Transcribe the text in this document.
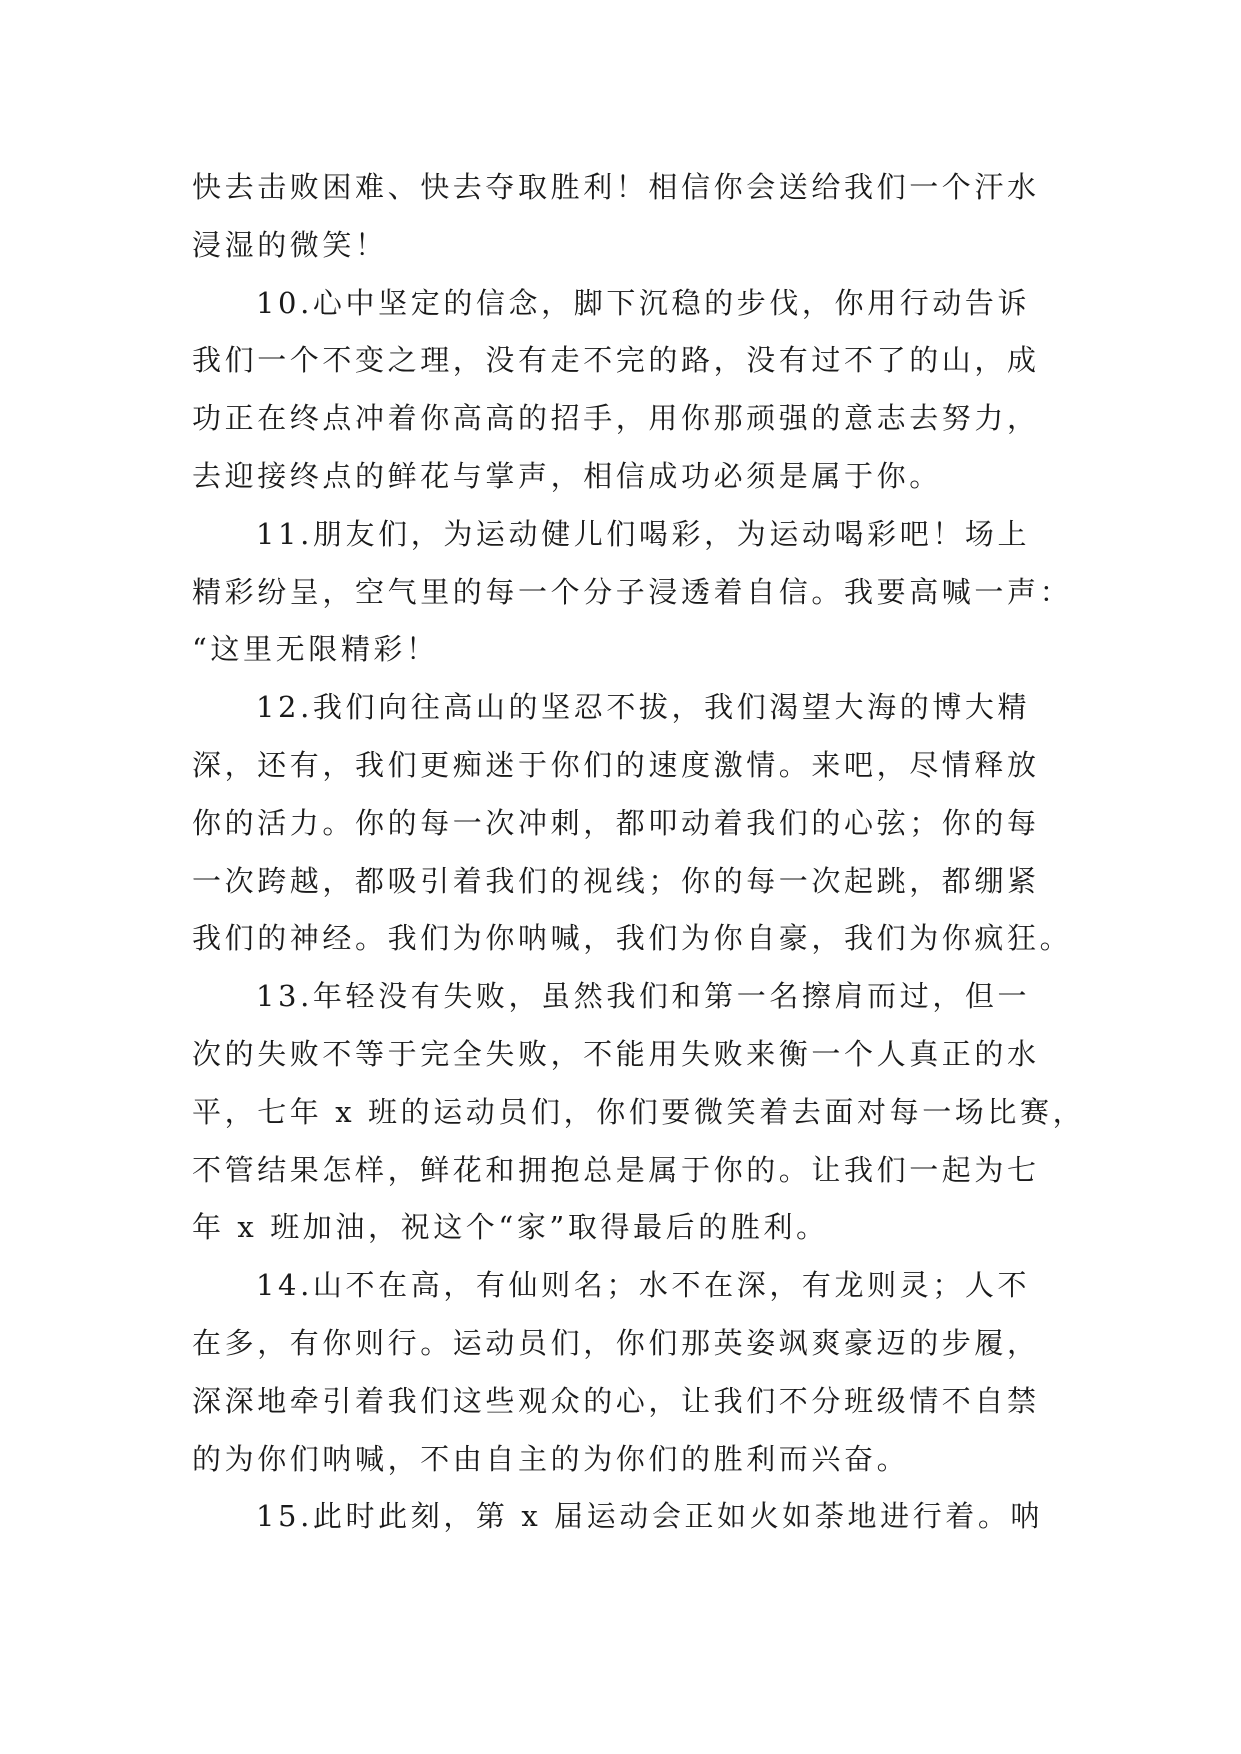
快去击败困难、快去夺取胜利！相信你会送给我们一个汗水
浸湿的微笑！
10.心中坚定的信念，脚下沉稳的步伐，你用行动告诉
我们一个不变之理，没有走不完的路，没有过不了的山，成
功正在终点冲着你高高的招手，用你那顽强的意志去努力，
去迎接终点的鲜花与掌声，相信成功必须是属于你。
11.朋友们，为运动健儿们喝彩，为运动喝彩吧！场上
精彩纷呈，空气里的每一个分子浸透着自信。我要高喊一声：
“这里无限精彩！
12.我们向往高山的坚忍不拔，我们渴望大海的博大精
深，还有，我们更痴迷于你们的速度激情。来吧，尽情释放
你的活力。你的每一次冲刺，都叩动着我们的心弦；你的每
一次跨越，都吸引着我们的视线；你的每一次起跳，都绷紧
我们的神经。我们为你呐喊，我们为你自豪，我们为你疯狂。
13.年轻没有失败，虽然我们和第一名擦肩而过，但一
次的失败不等于完全失败，不能用失败来衡一个人真正的水
平，七年 x 班的运动员们，你们要微笑着去面对每一场比赛，
不管结果怎样，鲜花和拥抱总是属于你的。让我们一起为七
年 x 班加油，祝这个“家”取得最后的胜利。
14.山不在高，有仙则名；水不在深，有龙则灵；人不
在多，有你则行。运动员们，你们那英姿飒爽豪迈的步履，
深深地牵引着我们这些观众的心，让我们不分班级情不自禁
的为你们呐喊，不由自主的为你们的胜利而兴奋。
15.此时此刻，第 x 届运动会正如火如荼地进行着。呐
